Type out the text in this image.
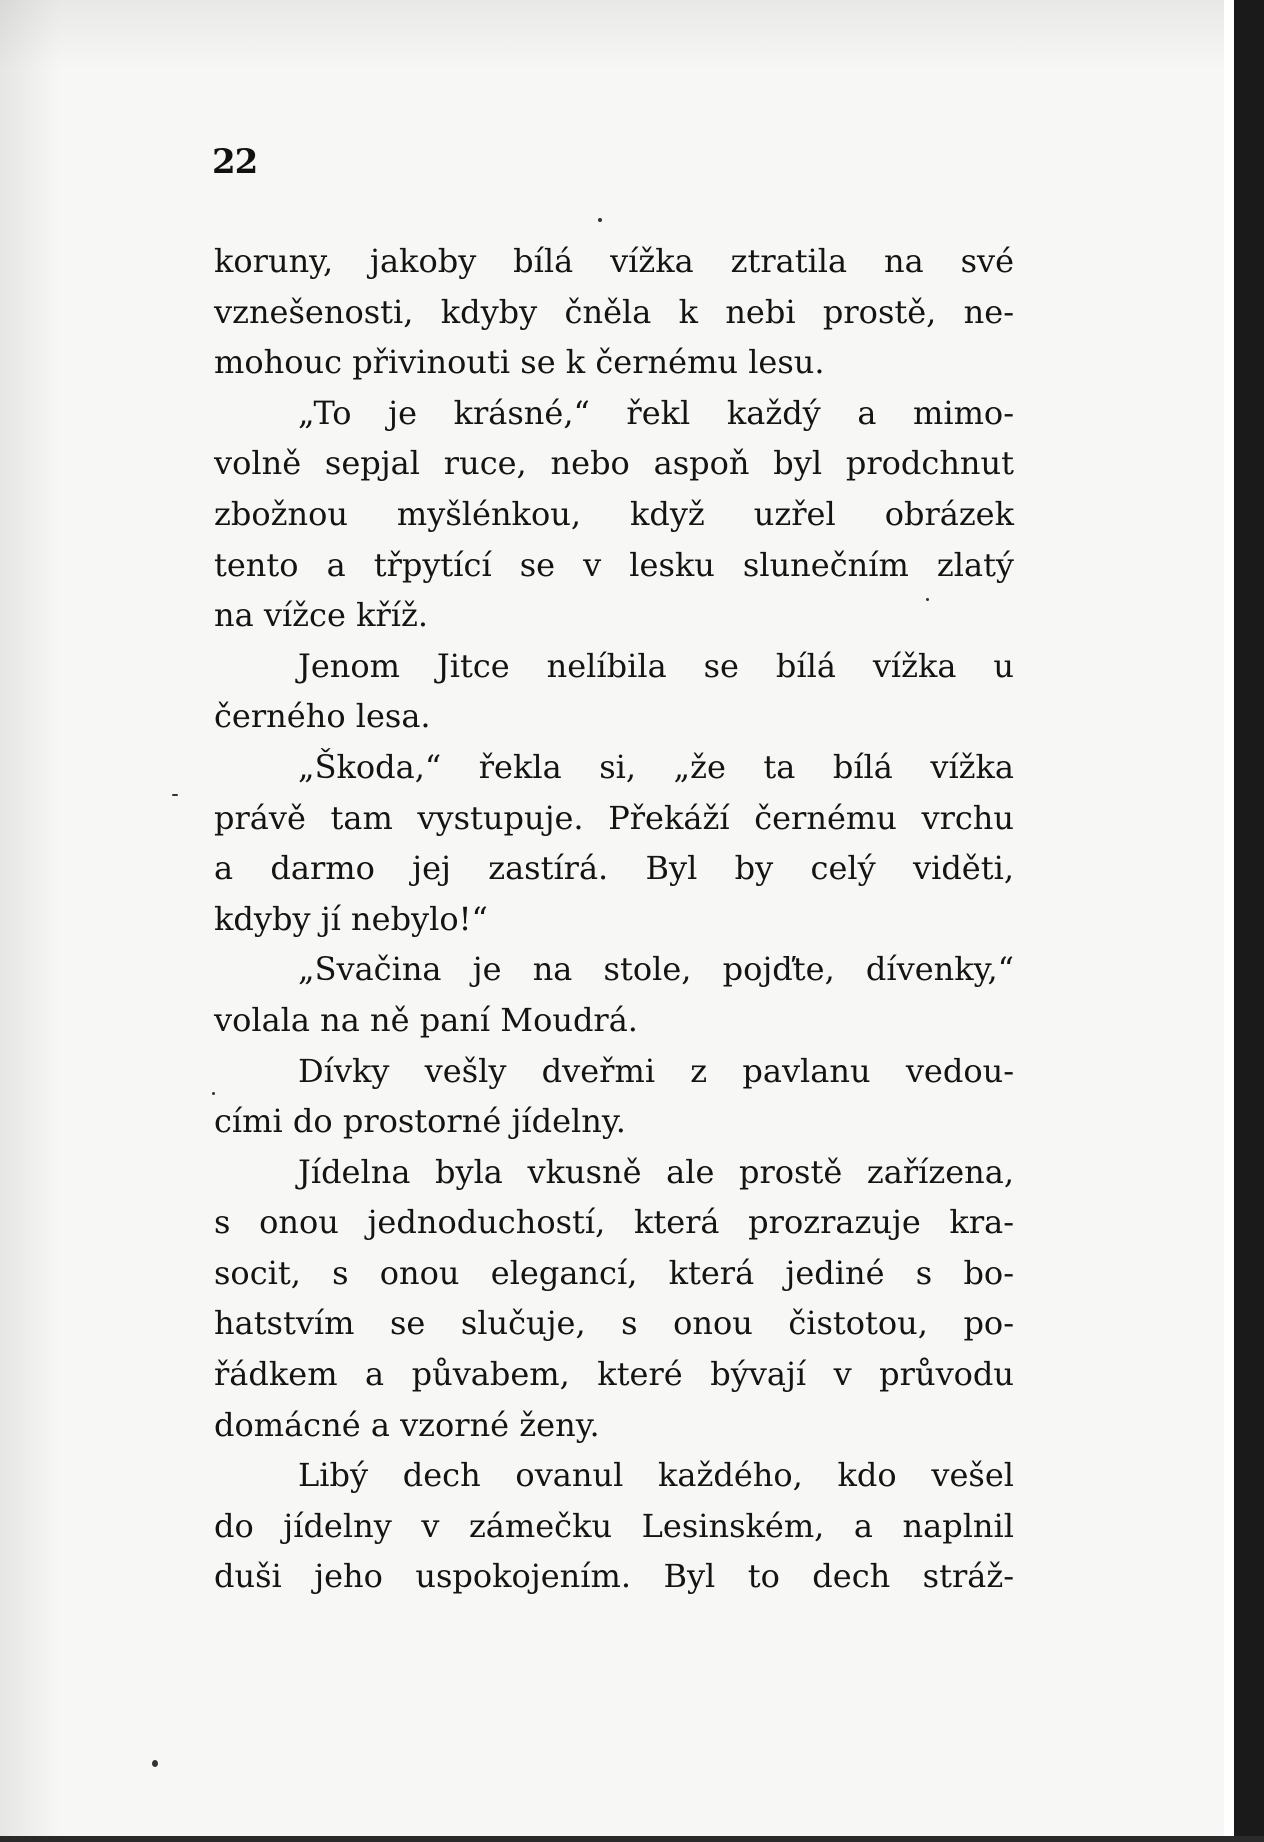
22
koruny, jakoby bílá vížka ztratila na své
vznešenosti, kdyby čněla k nebi prostě, ne-
mohouc přivinouti se k černému lesu.
„To je krásné,“ řekl každý a mimo-
volně sepjal ruce, nebo aspoň byl prodchnut
zbožnou myšlénkou, když uzřel obrázek
tento a třpytící se v lesku slunečním zlatý
na vížce kříž.
Jenom Jitce nelíbila se bílá vížka u
černého lesa.
„Škoda,“ řekla si, „že ta bílá vížka
právě tam vystupuje. Překáží černému vrchu
a darmo jej zastírá. Byl by celý viděti,
kdyby jí nebylo!“
„Svačina je na stole, pojďte, dívenky,“
volala na ně paní Moudrá.
Dívky vešly dveřmi z pavlanu vedou-
cími do prostorné jídelny.
Jídelna byla vkusně ale prostě zařízena,
s onou jednoduchostí, která prozrazuje kra-
socit, s onou elegancí, která jediné s bo-
hatstvím se slučuje, s onou čistotou, po-
řádkem a půvabem, které bývají v průvodu
domácné a vzorné ženy.
Libý dech ovanul každého, kdo vešel
do jídelny v zámečku Lesinském, a naplnil
duši jeho uspokojením. Byl to dech stráž-
